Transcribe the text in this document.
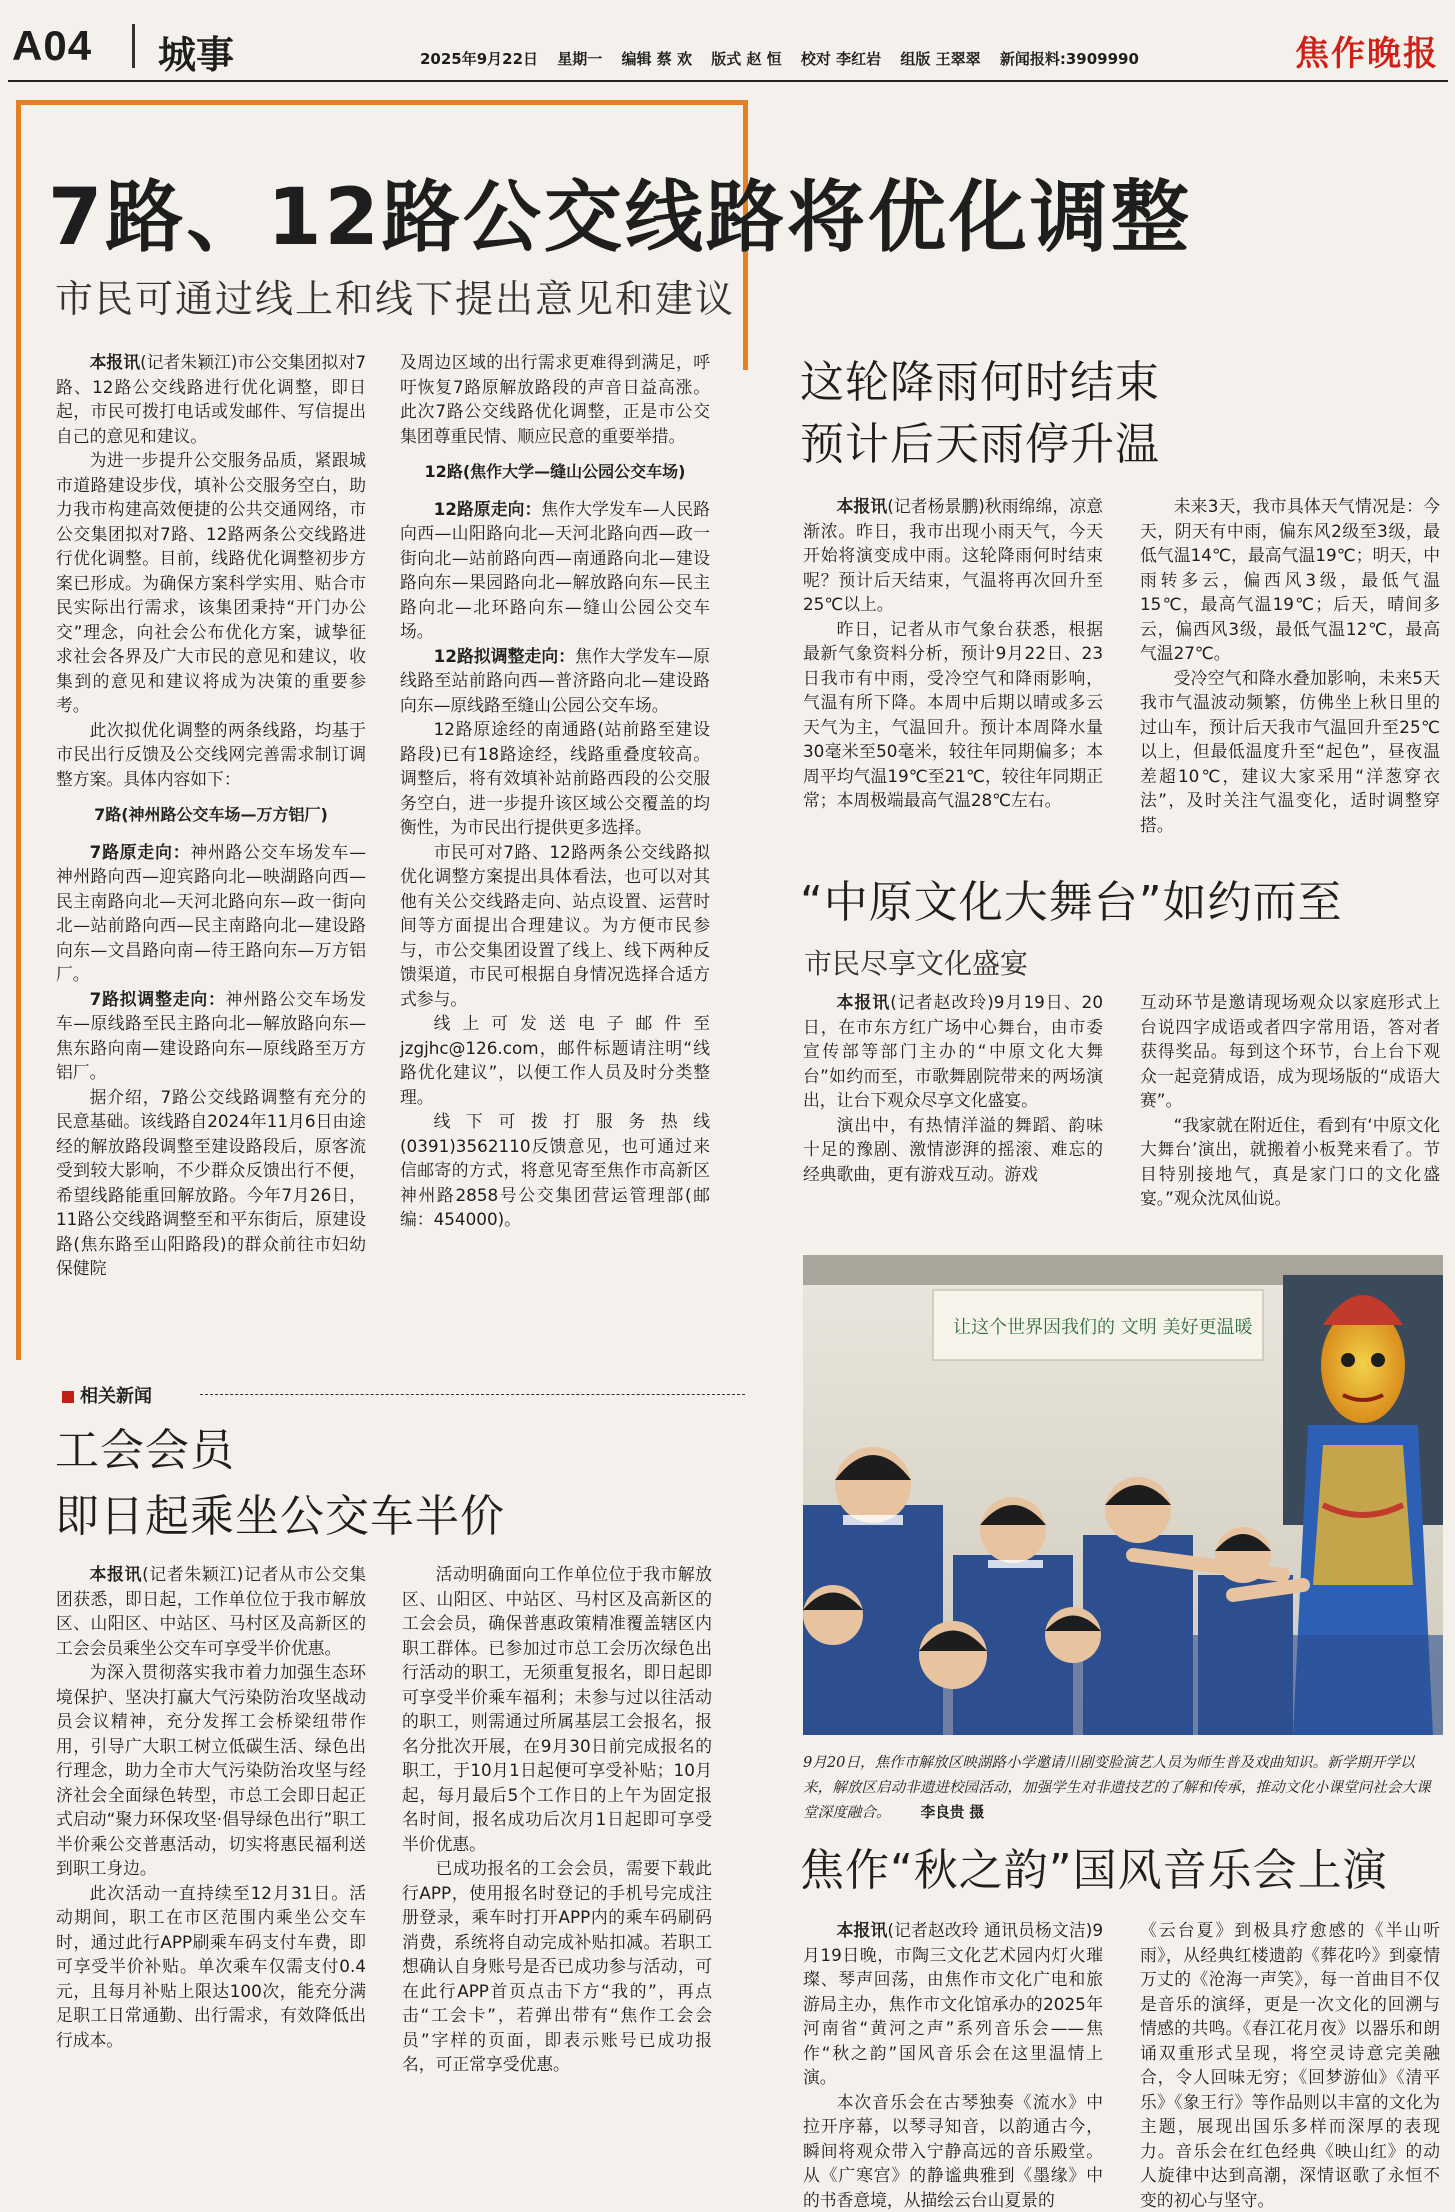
A04 城事	2025年9月22日 星期一 编辑 蔡 欢 版式 赵 恒 校对 李红岩 组版 王翠翠 新闻报料:3909990	焦作晚报
7路、12路公交线路将优化调整
市民可通过线上和线下提出意见和建议

本报讯(记者朱颖江)市公交集团拟对7路、12路公交线路进行优化调整，即日起，市民可拨打电话或发邮件、写信提出自己的意见和建议。

为进一步提升公交服务品质，紧跟城市道路建设步伐，填补公交服务空白，助力我市构建高效便捷的公共交通网络，市公交集团拟对7路、12路两条公交线路进行优化调整。目前，线路优化调整初步方案已形成。为确保方案科学实用、贴合市民实际出行需求，该集团秉持“开门办公交”理念，向社会公布优化方案，诚挚征求社会各界及广大市民的意见和建议，收集到的意见和建议将成为决策的重要参考。

此次拟优化调整的两条线路，均基于市民出行反馈及公交线网完善需求制订调整方案。具体内容如下：

7路(神州路公交车场—万方铝厂)

7路原走向：神州路公交车场发车—神州路向西—迎宾路向北—映湖路向西—民主南路向北—天河北路向东—政一街向北—站前路向西—民主南路向北—建设路向东—文昌路向南—待王路向东—万方铝厂。

7路拟调整走向：神州路公交车场发车—原线路至民主路向北—解放路向东—焦东路向南—建设路向东—原线路至万方铝厂。

据介绍，7路公交线路调整有充分的民意基础。该线路自2024年11月6日由途经的解放路段调整至建设路段后，原客流受到较大影响，不少群众反馈出行不便，希望线路能重回解放路。今年7月26日，11路公交线路调整至和平东街后，原建设路(焦东路至山阳路段)的群众前往市妇幼保健院

及周边区域的出行需求更难得到满足，呼吁恢复7路原解放路段的声音日益高涨。此次7路公交线路优化调整，正是市公交集团尊重民情、顺应民意的重要举措。

12路(焦作大学—缝山公园公交车场)

12路原走向：焦作大学发车—人民路向西—山阳路向北—天河北路向西—政一街向北—站前路向西—南通路向北—建设路向东—果园路向北—解放路向东—民主路向北—北环路向东—缝山公园公交车场。

12路拟调整走向：焦作大学发车—原线路至站前路向西—普济路向北—建设路向东—原线路至缝山公园公交车场。

12路原途经的南通路(站前路至建设路段)已有18路途经，线路重叠度较高。调整后，将有效填补站前路西段的公交服务空白，进一步提升该区域公交覆盖的均衡性，为市民出行提供更多选择。

市民可对7路、12路两条公交线路拟优化调整方案提出具体看法，也可以对其他有关公交线路走向、站点设置、运营时间等方面提出合理建议。为方便市民参与，市公交集团设置了线上、线下两种反馈渠道，市民可根据自身情况选择合适方式参与。

线上可发送电子邮件至jzgjhc@126.com，邮件标题请注明“线路优化建议”，以便工作人员及时分类整理。

线下可拨打服务热线(0391)3562110反馈意见，也可通过来信邮寄的方式，将意见寄至焦作市高新区神州路2858号公交集团营运管理部(邮编：454000)。

相关新闻
工会会员
即日起乘坐公交车半价

本报讯(记者朱颖江)记者从市公交集团获悉，即日起，工作单位位于我市解放区、山阳区、中站区、马村区及高新区的工会会员乘坐公交车可享受半价优惠。

为深入贯彻落实我市着力加强生态环境保护、坚决打赢大气污染防治攻坚战动员会议精神，充分发挥工会桥梁纽带作用，引导广大职工树立低碳生活、绿色出行理念，助力全市大气污染防治攻坚与经济社会全面绿色转型，市总工会即日起正式启动“聚力环保攻坚·倡导绿色出行”职工半价乘公交普惠活动，切实将惠民福利送到职工身边。

此次活动一直持续至12月31日。活动期间，职工在市区范围内乘坐公交车时，通过此行APP刷乘车码支付车费，即可享受半价补贴。单次乘车仅需支付0.4元，且每月补贴上限达100次，能充分满足职工日常通勤、出行需求，有效降低出行成本。

活动明确面向工作单位位于我市解放区、山阳区、中站区、马村区及高新区的工会会员，确保普惠政策精准覆盖辖区内职工群体。已参加过市总工会历次绿色出行活动的职工，无须重复报名，即日起即可享受半价乘车福利；未参与过以往活动的职工，则需通过所属基层工会报名，报名分批次开展，在9月30日前完成报名的职工，于10月1日起便可享受补贴；10月起，每月最后5个工作日的上午为固定报名时间，报名成功后次月1日起即可享受半价优惠。

已成功报名的工会会员，需要下载此行APP，使用报名时登记的手机号完成注册登录，乘车时打开APP内的乘车码刷码消费，系统将自动完成补贴扣减。若职工想确认自身账号是否已成功参与活动，可在此行APP首页点击下方“我的”，再点击“工会卡”，若弹出带有“焦作工会会员”字样的页面，即表示账号已成功报名，可正常享受优惠。

这轮降雨何时结束
预计后天雨停升温

本报讯(记者杨景鹏)秋雨绵绵，凉意渐浓。昨日，我市出现小雨天气，今天开始将演变成中雨。这轮降雨何时结束呢？预计后天结束，气温将再次回升至25℃以上。

昨日，记者从市气象台获悉，根据最新气象资料分析，预计9月22日、23日我市有中雨，受冷空气和降雨影响，气温有所下降。本周中后期以晴或多云天气为主，气温回升。预计本周降水量30毫米至50毫米，较往年同期偏多；本周平均气温19℃至21℃，较往年同期正常；本周极端最高气温28℃左右。

未来3天，我市具体天气情况是：今天，阴天有中雨，偏东风2级至3级，最低气温14℃，最高气温19℃；明天，中雨转多云，偏西风3级，最低气温15℃，最高气温19℃；后天，晴间多云，偏西风3级，最低气温12℃，最高气温27℃。

受冷空气和降水叠加影响，未来5天我市气温波动频繁，仿佛坐上秋日里的过山车，预计后天我市气温回升至25℃以上，但最低温度升至“起色”，昼夜温差超10℃，建议大家采用“洋葱穿衣法”，及时关注气温变化，适时调整穿搭。

“中原文化大舞台”如约而至
市民尽享文化盛宴

本报讯(记者赵改玲)9月19日、20日，在市东方红广场中心舞台，由市委宣传部等部门主办的“中原文化大舞台”如约而至，市歌舞剧院带来的两场演出，让台下观众尽享文化盛宴。

演出中，有热情洋溢的舞蹈、韵味十足的豫剧、激情澎湃的摇滚、难忘的经典歌曲，更有游戏互动。游戏

互动环节是邀请现场观众以家庭形式上台说四字成语或者四字常用语，答对者获得奖品。每到这个环节，台上台下观众一起竞猜成语，成为现场版的“成语大赛”。

“我家就在附近住，看到有‘中原文化大舞台’演出，就搬着小板凳来看了。节目特别接地气，真是家门口的文化盛宴。”观众沈凤仙说。

让这个世界因我们的 文明 美好更温暖
9月20日，焦作市解放区映湖路小学邀请川剧变脸演艺人员为师生普及戏曲知识。新学期开学以来，解放区启动非遗进校园活动，加强学生对非遗技艺的了解和传承，推动文化小课堂问社会大课堂深度融合。 李良贵 摄
焦作“秋之韵”国风音乐会上演

本报讯(记者赵改玲 通讯员杨文洁)9月19日晚，市陶三文化艺术园内灯火璀璨、琴声回荡，由焦作市文化广电和旅游局主办，焦作市文化馆承办的2025年河南省“黄河之声”系列音乐会——焦作“秋之韵”国风音乐会在这里温情上演。

本次音乐会在古琴独奏《流水》中拉开序幕，以琴寻知音，以韵通古今，瞬间将观众带入宁静高远的音乐殿堂。从《广寒宫》的静谧典雅到《墨缘》中的书香意境，从描绘云台山夏景的

《云台夏》到极具疗愈感的《半山听雨》，从经典红楼遗韵《葬花吟》到豪情万丈的《沧海一声笑》，每一首曲目不仅是音乐的演绎，更是一次文化的回溯与情感的共鸣。《春江花月夜》以器乐和朗诵双重形式呈现，将空灵诗意完美融合，令人回味无穷；《回梦游仙》《清平乐》《象王行》等作品则以丰富的文化为主题，展现出国乐多样而深厚的表现力。音乐会在红色经典《映山红》的动人旋律中达到高潮，深情讴歌了永恒不变的初心与坚守。
